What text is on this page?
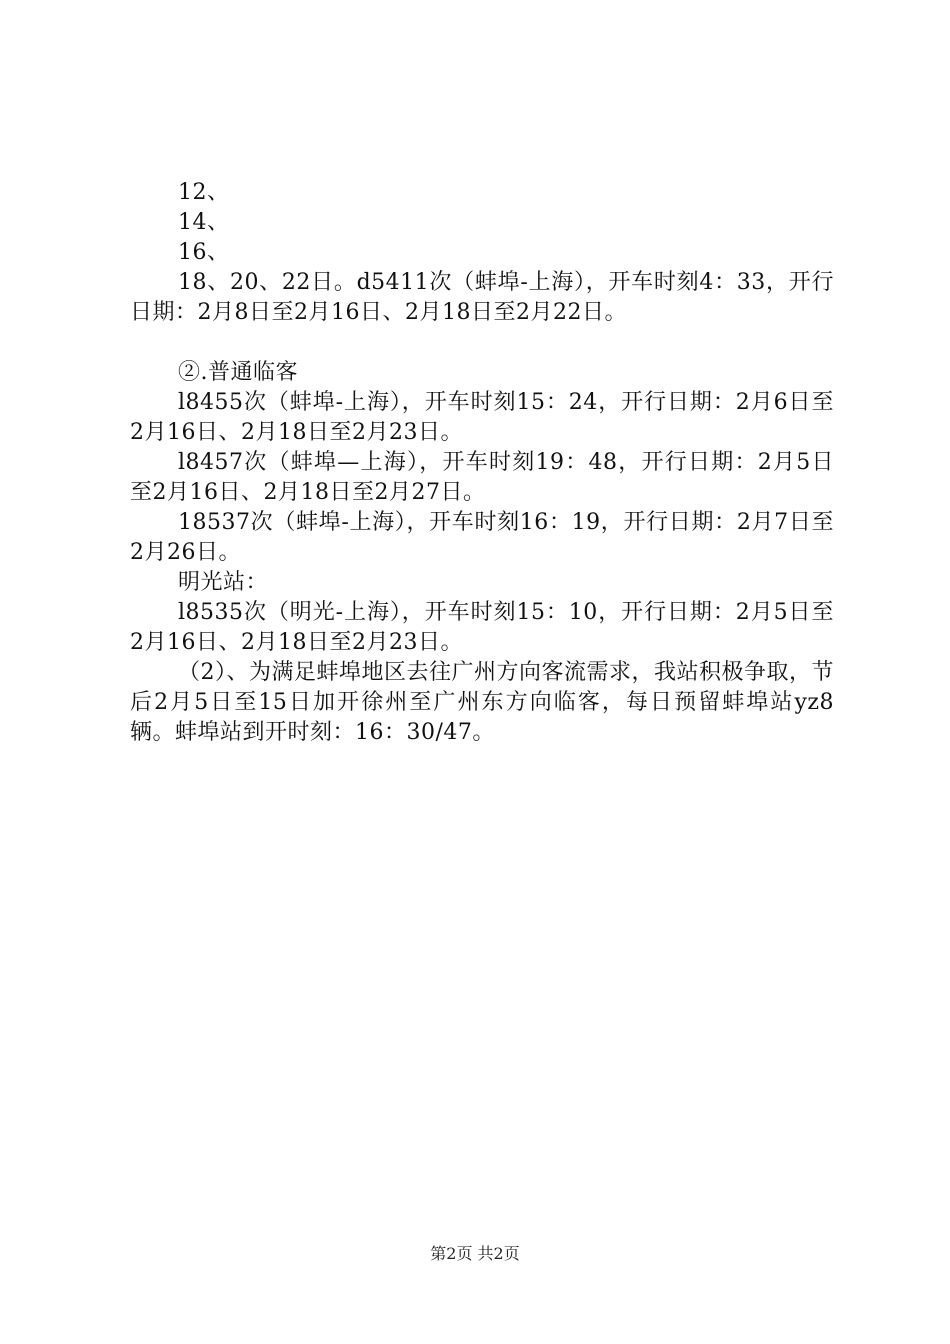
12、

14、

16、

18、20、22日。d5411次（蚌埠-上海），开车时刻4：33，开行日期：2月8日至2月16日、2月18日至2月22日。

②.普通临客

l8455次（蚌埠-上海），开车时刻15：24，开行日期：2月6日至2月16日、2月18日至2月23日。

l8457次（蚌埠—上海），开车时刻19：48，开行日期：2月5日至2月16日、2月18日至2月27日。

18537次（蚌埠-上海），开车时刻16：19，开行日期：2月7日至2月26日。

明光站：

l8535次（明光-上海），开车时刻15：10，开行日期：2月5日至2月16日、2月18日至2月23日。

（2）、为满足蚌埠地区去往广州方向客流需求，我站积极争取，节后2月5日至15日加开徐州至广州东方向临客，每日预留蚌埠站yz8辆。蚌埠站到开时刻：16：30/47。

第2页 共2页
